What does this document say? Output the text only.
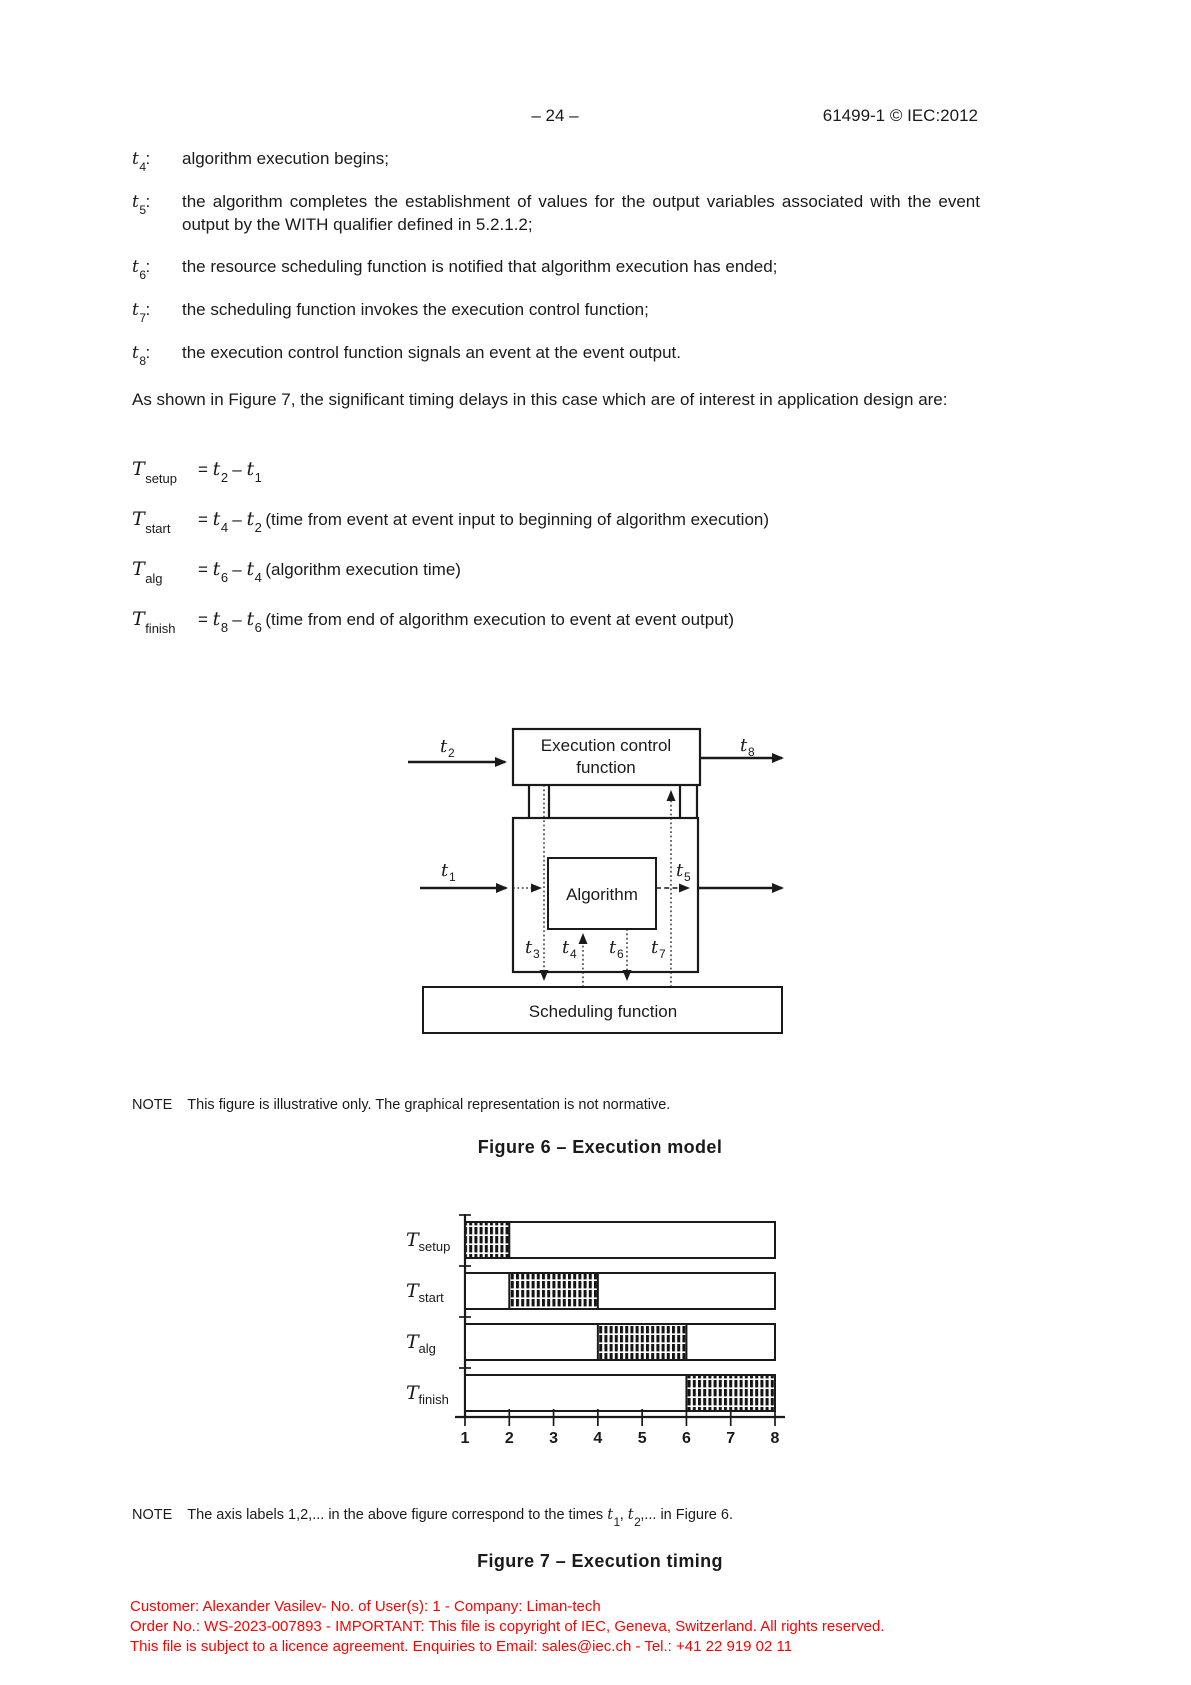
– 24 –	61499-1 © IEC:2012
$t_4$:	algorithm execution begins;
$t_5$:	the algorithm completes the establishment of values for the output variables associated with the event output by the WITH qualifier defined in 5.2.1.2;
$t_6$:	the resource scheduling function is notified that algorithm execution has ended;
$t_7$:	the scheduling function invokes the execution control function;
$t_8$:	the execution control function signals an event at the event output.
As shown in Figure 7, the significant timing delays in this case which are of interest in application design are:
$T_{setup} = t_2 - t_1$
$T_{start} = t_4 - t_2$ (time from event at event input to beginning of algorithm execution)
$T_{alg} = t_6 - t_4$ (algorithm execution time)
$T_{finish} = t_8 - t_6$ (time from end of algorithm execution to event at event output)
Execution control
function
Algorithm
Scheduling function
t 2	t 8
t 1	t 5
t 3 t 4 t 6 t 7
NOTE This figure is illustrative only. The graphical representation is not normative.
Figure 6 – Execution model
T setup
T start
T alg
T finish
1 2 3 4 5 6 7 8
NOTE The axis labels 1,2,... in the above figure correspond to the times $t_1$, $t_2$,... in Figure 6.
Figure 7 – Execution timing
Customer: Alexander Vasilev- No. of User(s): 1 - Company: Liman-tech
Order No.: WS-2023-007893 - IMPORTANT: This file is copyright of IEC, Geneva, Switzerland. All rights reserved.
This file is subject to a licence agreement. Enquiries to Email: sales@iec.ch - Tel.: +41 22 919 02 11
